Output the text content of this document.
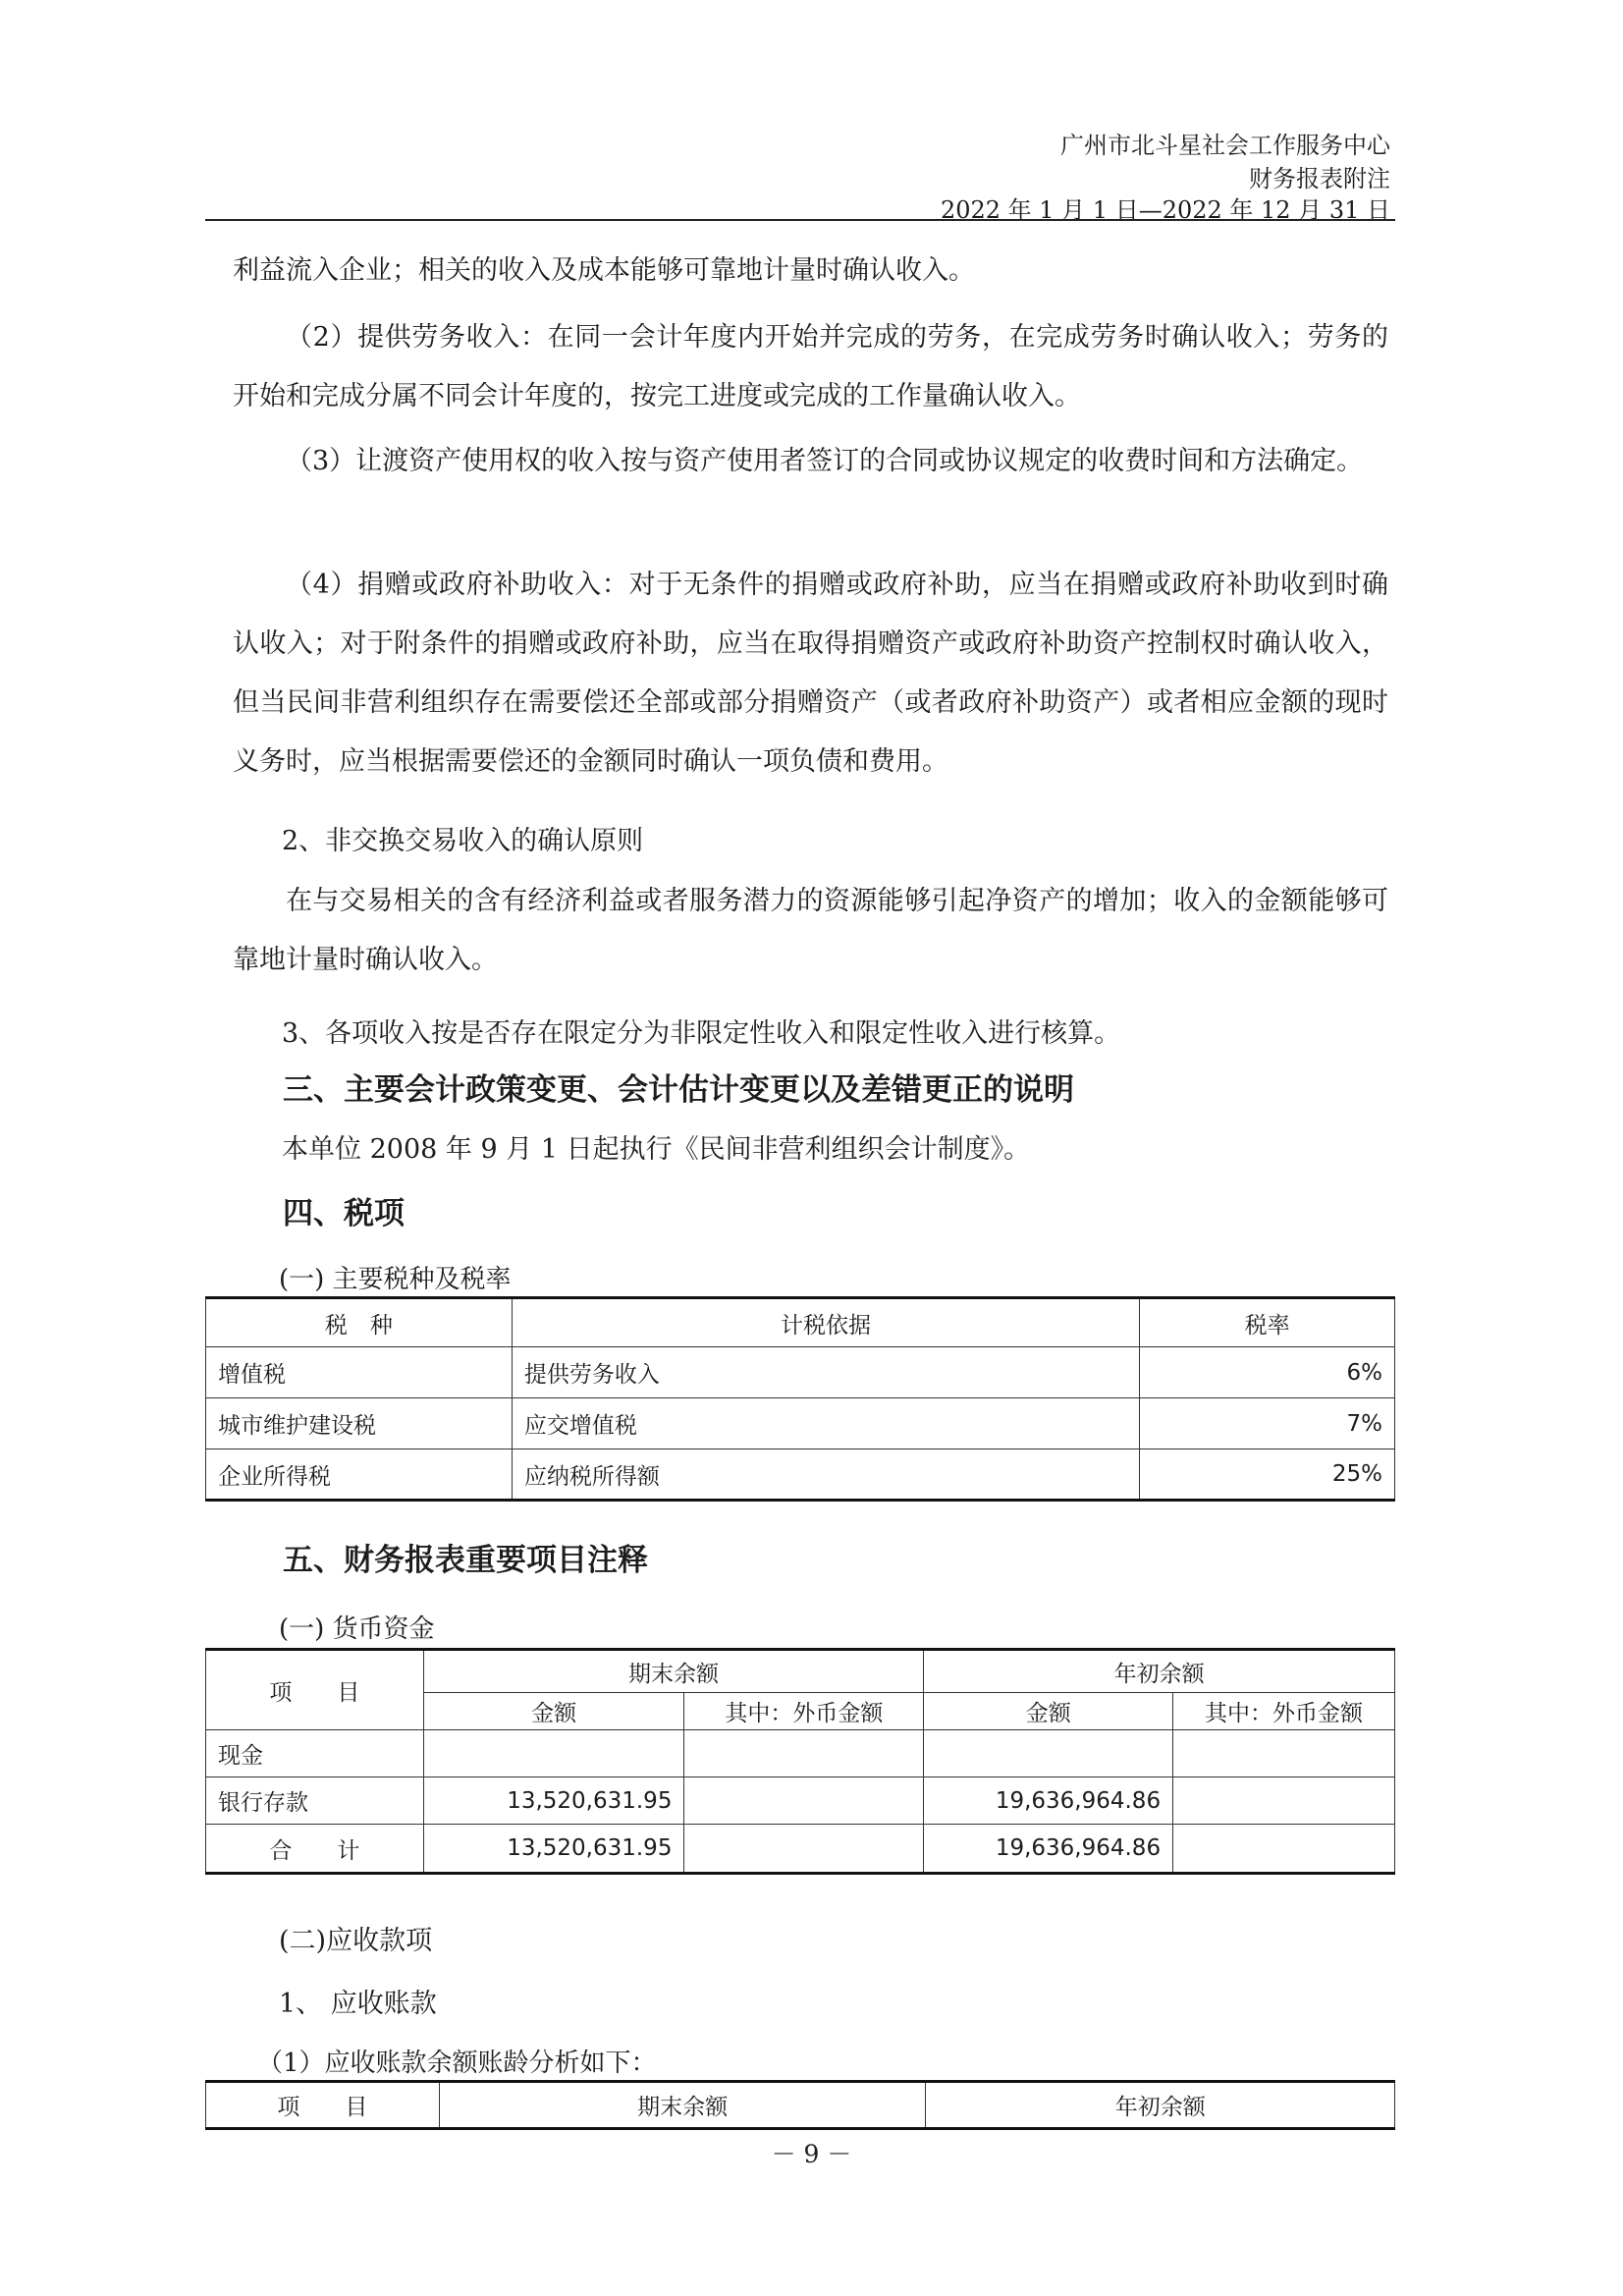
广州市北斗星社会工作服务中心
财务报表附注
2022 年 1 月 1 日—2022 年 12 月 31 日

利益流入企业；相关的收入及成本能够可靠地计量时确认收入。

（2）提供劳务收入：在同一会计年度内开始并完成的劳务，在完成劳务时确认收入；劳务的开始和完成分属不同会计年度的，按完工进度或完成的工作量确认收入。

（3）让渡资产使用权的收入按与资产使用者签订的合同或协议规定的收费时间和方法确定。

（4）捐赠或政府补助收入：对于无条件的捐赠或政府补助，应当在捐赠或政府补助收到时确认收入；对于附条件的捐赠或政府补助，应当在取得捐赠资产或政府补助资产控制权时确认收入，但当民间非营利组织存在需要偿还全部或部分捐赠资产（或者政府补助资产）或者相应金额的现时义务时，应当根据需要偿还的金额同时确认一项负债和费用。

2、非交换交易收入的确认原则

在与交易相关的含有经济利益或者服务潜力的资源能够引起净资产的增加；收入的金额能够可靠地计量时确认收入。

3、各项收入按是否存在限定分为非限定性收入和限定性收入进行核算。

三、主要会计政策变更、会计估计变更以及差错更正的说明

本单位 2008 年 9 月 1 日起执行《民间非营利组织会计制度》。

四、税项

(一) 主要税种及税率

税　种	计税依据	税率
增值税	提供劳务收入	6%
城市维护建设税	应交增值税	7%
企业所得税	应纳税所得额	25%
五、财务报表重要项目注释

(一) 货币资金

项　　目	期末余额		年初余额	
	金额	其中：外币金额	金额	其中：外币金额
现金				
银行存款	13,520,631.95		19,636,964.86	
合　　计	13,520,631.95		19,636,964.86	

(二)应收款项

1、 应收账款

（1）应收账款余额账龄分析如下：

项　　目	期末余额	年初余额
－ 9 －
